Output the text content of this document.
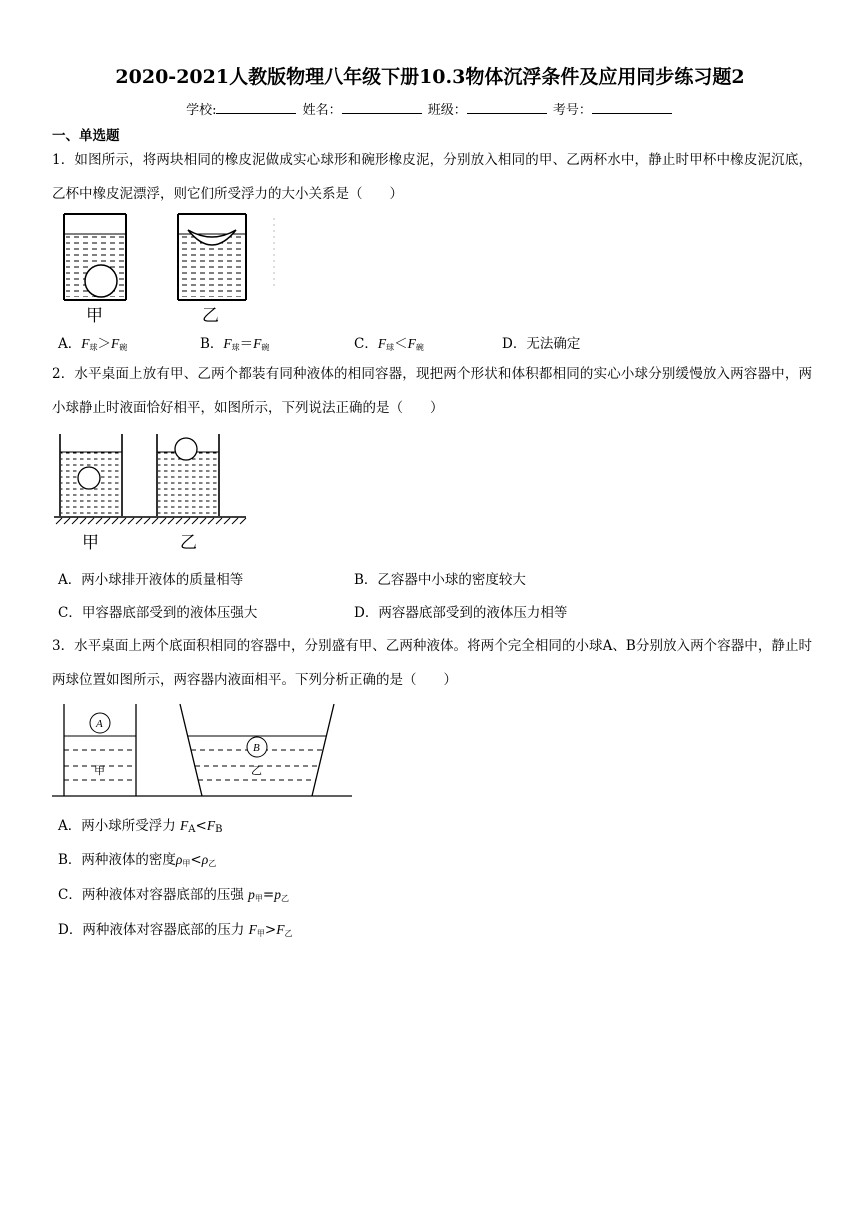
2020-2021人教版物理八年级下册10.3物体沉浮条件及应用同步练习题2
学校:	姓名：	班级：	考号：
一、单选题
1．如图所示，将两块相同的橡皮泥做成实心球形和碗形橡皮泥，分别放入相同的甲、乙两杯水中，静止时甲杯中橡皮泥沉底，乙杯中橡皮泥漂浮，则它们所受浮力的大小关系是（　　）
甲	乙
A．$F_球>F_碗$	B．$F_球=F_碗$	C．$F_球<F_碗$	D．无法确定
2．水平桌面上放有甲、乙两个都装有同种液体的相同容器，现把两个形状和体积都相同的实心小球分别缓慢放入两容器中，两小球静止时液面恰好相平，如图所示，下列说法正确的是（　　）
甲	乙
A．两小球排开液体的质量相等	B．乙容器中小球的密度较大
C．甲容器底部受到的液体压强大	D．两容器底部受到的液体压力相等
3．水平桌面上两个底面积相同的容器中，分别盛有甲、乙两种液体。将两个完全相同的小球A、B分别放入两个容器中，静止时两球位置如图所示，两容器内液面相平。下列分析正确的是（　　）
A
甲
B
乙
A．两小球所受浮力 $F_A<F_B$
B．两种液体的密度$\rho_甲<\rho_乙$
C．两种液体对容器底部的压强 $p_甲=p_乙$
D．两种液体对容器底部的压力 $F_甲>F_乙$
